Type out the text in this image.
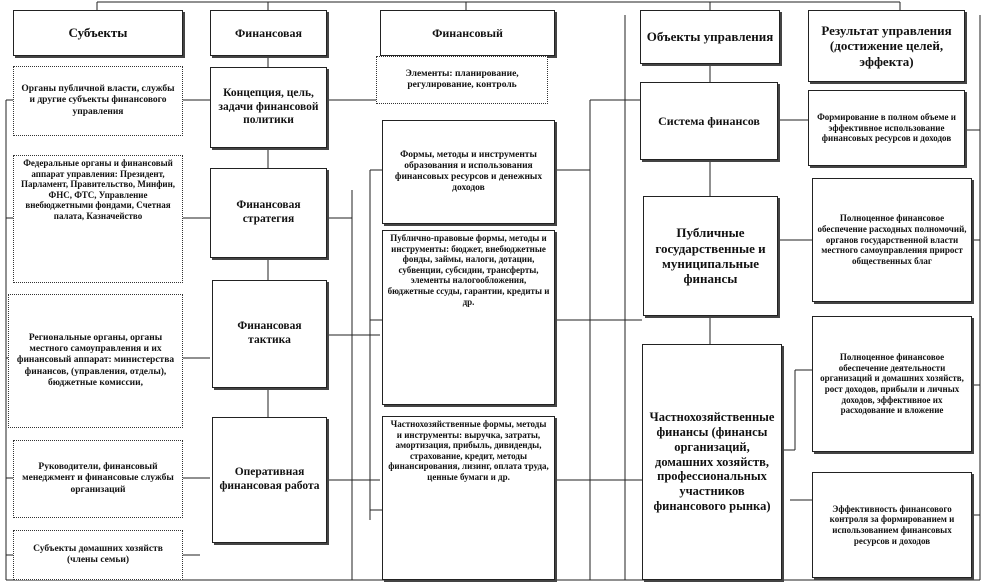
Субъекты	Финансовая	Финансовый	Объекты управления	Результат управления (достижение целей, эффекта)
Органы публичной власти, службы и другие субъекты финансового управления
Федеральные органы и финансовый аппарат управления: Президент, Парламент, Правительство, Минфин, ФНС, ФТС, Управление внебюджетными фондами, Счетная палата, Казначейство
Региональные органы, органы местного самоуправления и их финансовый аппарат: министерства финансов, (управления, отделы), бюджетные комиссии,
Руководители, финансовый менеджмент и финансовые службы организаций
Субъекты домашних хозяйств (члены семьи)
Концепция, цель, задачи финансовой политики
Финансовая стратегия
Финансовая тактика
Оперативная финансовая работа
Элементы: планирование, регулирование, контроль
Формы, методы и инструменты образования и использования финансовых ресурсов и денежных доходов
Публично-правовые формы, методы и инструменты: бюджет, внебюджетные фонды, займы, налоги, дотации, субвенции, субсидии, трансферты, элементы налогообложения, бюджетные ссуды, гарантии, кредиты и др.
Частнохозяйственные формы, методы и инструменты: выручка, затраты, амортизация, прибыль, дивиденды, страхование, кредит, методы финансирования, лизинг, оплата труда, ценные бумаги и др.
Система финансов
Публичные государственные и муниципальные финансы
Частнохозяйственные финансы (финансы организаций, домашних хозяйств, профессиональных участников финансового рынка)
Формирование в полном объеме и эффективное использование финансовых ресурсов и доходов
Полноценное финансовое обеспечение расходных полномочий, органов государственной власти местного самоуправления прирост общественных благ
Полноценное финансовое обеспечение деятельности организаций и домашних хозяйств, рост доходов, прибыли и личных доходов, эффективное их расходование и вложение
Эффективность финансового контроля за формированием и использованием финансовых ресурсов и доходов
